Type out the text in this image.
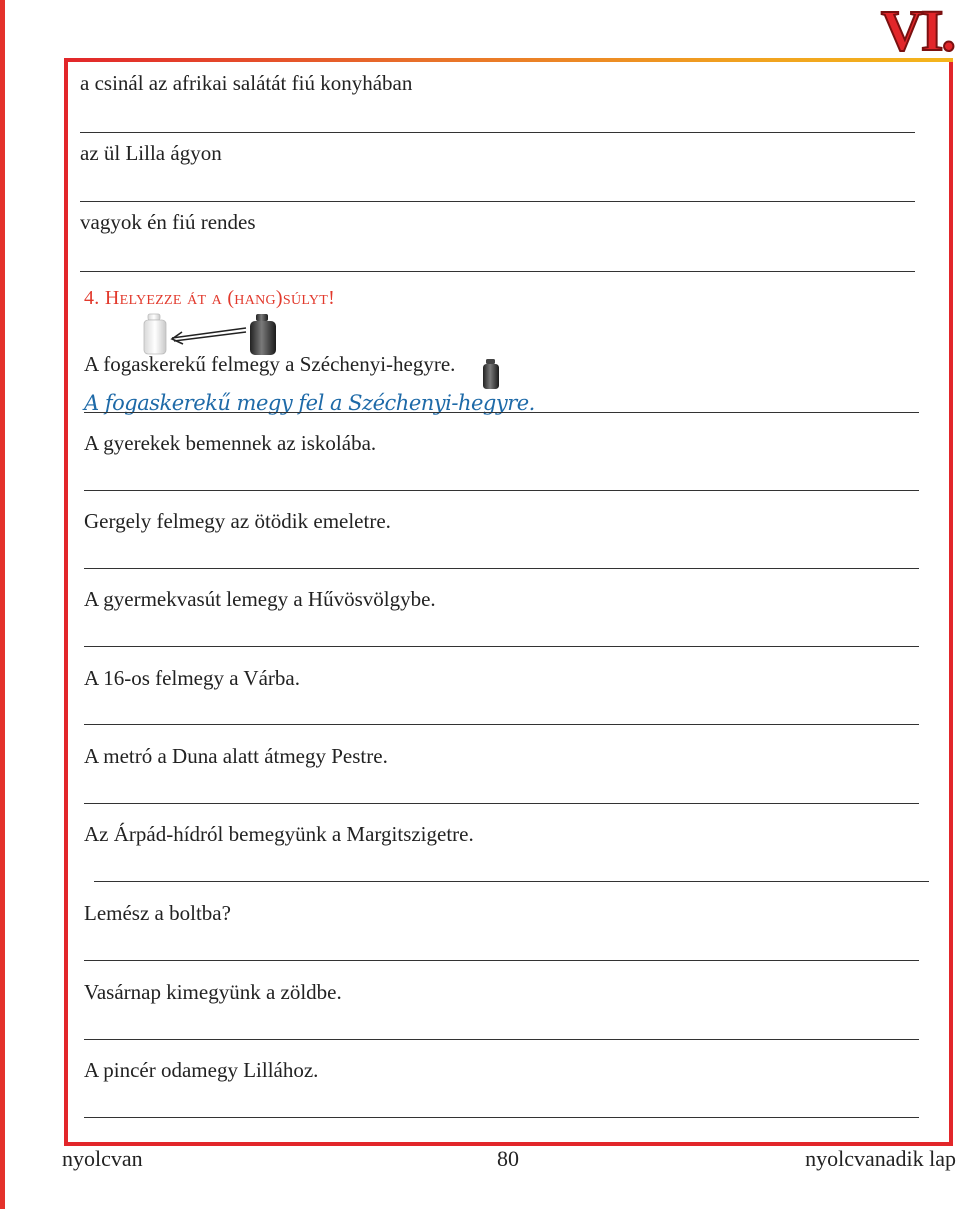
VI.
a csinál az afrikai salátát fiú konyhában
az ül Lilla ágyon
vagyok én fiú rendes
4. Helyezze át a (hang)súlyt!
A fogaskerekű felmegy a Széchenyi-hegyre.
A fogaskerekű megy fel a Széchenyi-hegyre.
A gyerekek bemennek az iskolába.
Gergely felmegy az ötödik emeletre.
A gyermekvasút lemegy a Hűvösvölgybe.
A 16-os felmegy a Várba.
A metró a Duna alatt átmegy Pestre.
Az Árpád-hídról bemegyünk a Margitszigetre.
Lemész a boltba?
Vasárnap kimegyünk a zöldbe.
A pincér odamegy Lillához.
nyolcvan	80	nyolcvanadik lap
